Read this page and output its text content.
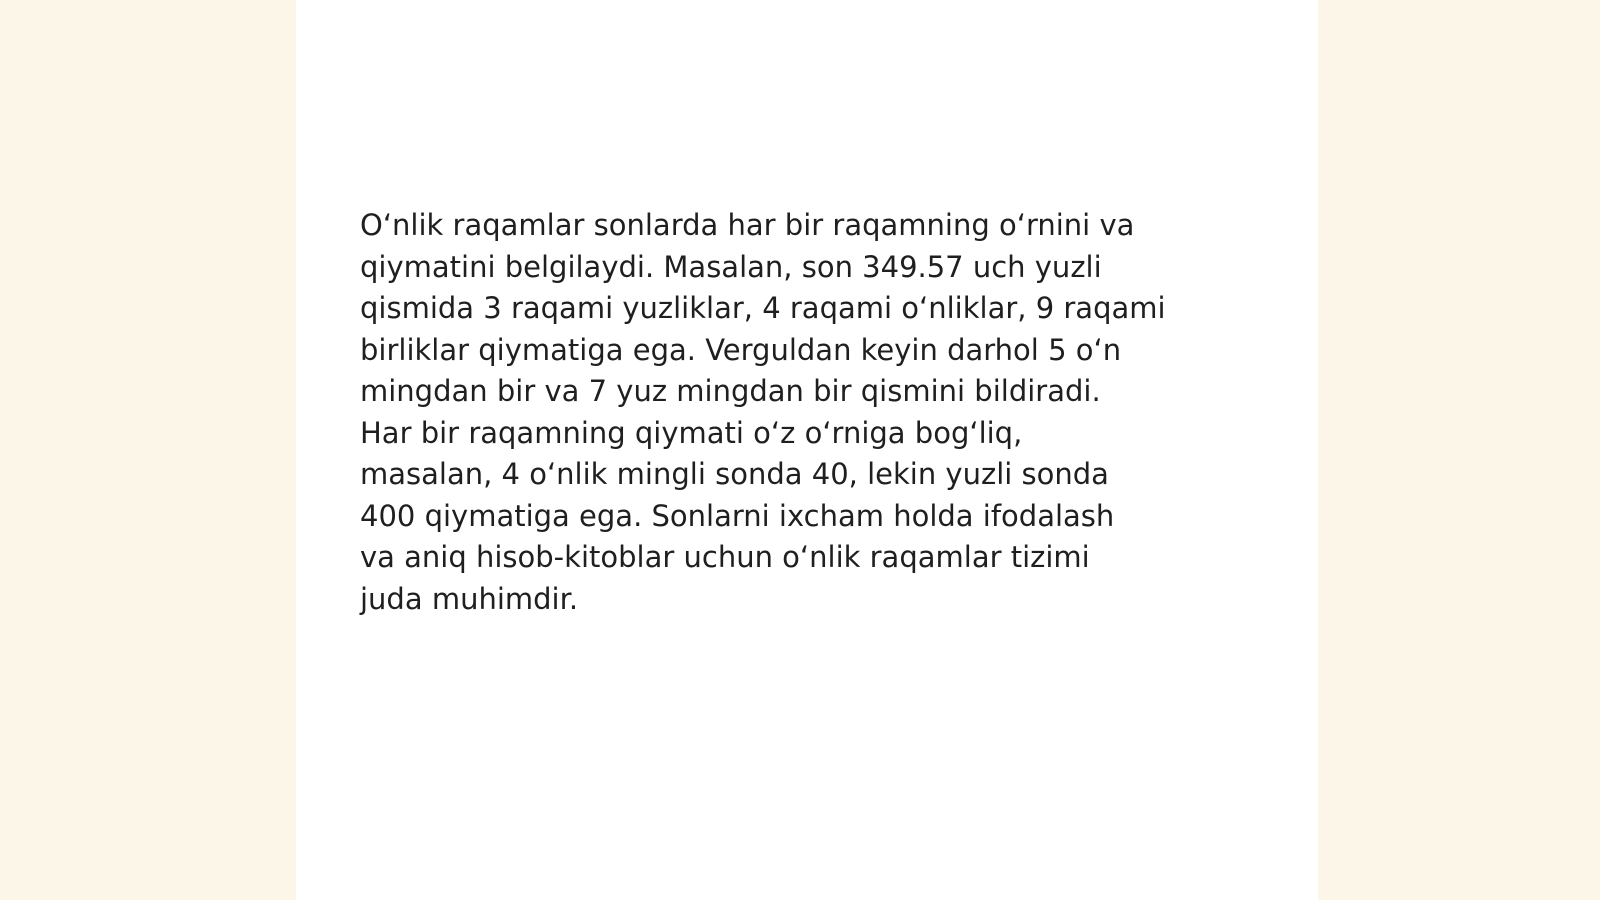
O‘nlik raqamlar sonlarda har bir raqamning o‘rnini va
qiymatini belgilaydi. Masalan, son 349.57 uch yuzli
qismida 3 raqami yuzliklar, 4 raqami o‘nliklar, 9 raqami
birliklar qiymatiga ega. Verguldan keyin darhol 5 o‘n
mingdan bir va 7 yuz mingdan bir qismini bildiradi.
Har bir raqamning qiymati o‘z o‘rniga bog‘liq,
masalan, 4 o‘nlik mingli sonda 40, lekin yuzli sonda
400 qiymatiga ega. Sonlarni ixcham holda ifodalash
va aniq hisob-kitoblar uchun o‘nlik raqamlar tizimi
juda muhimdir.
